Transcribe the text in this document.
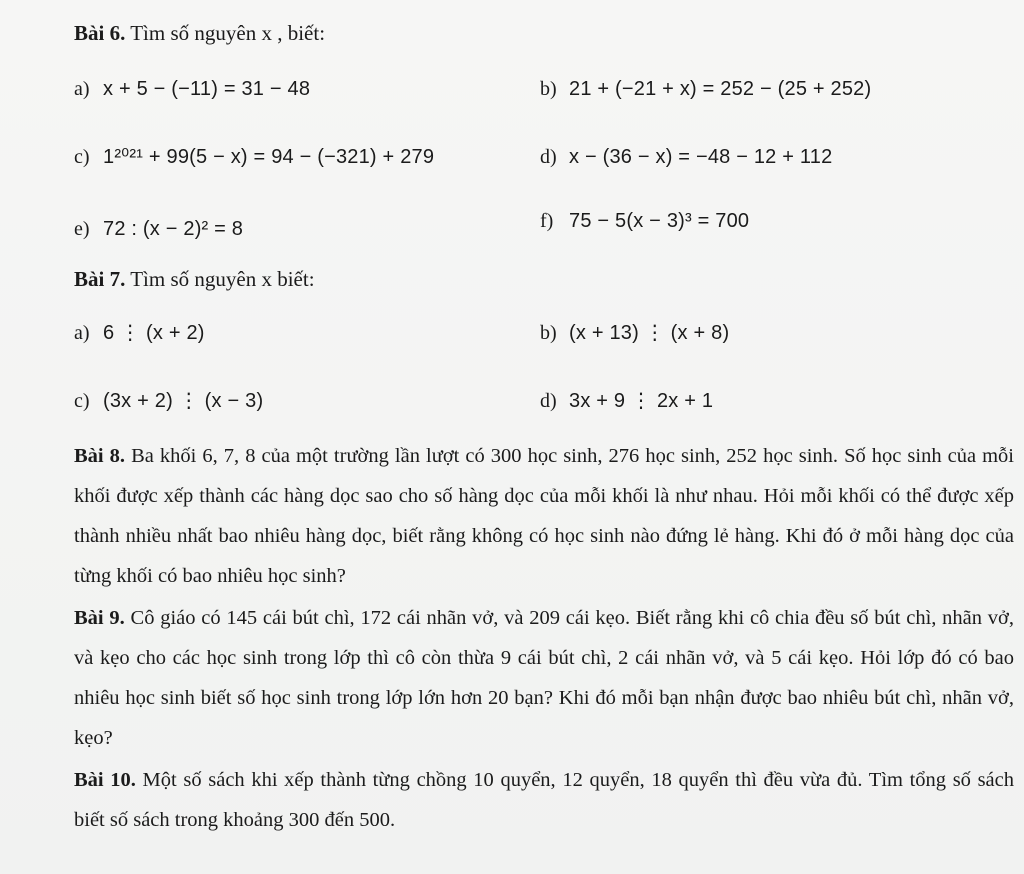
Bài 6. Tìm số nguyên x , biết:
a) x + 5 − (−11) = 31 − 48	b) 21 + (−21 + x) = 252 − (25 + 252)
c) 1²⁰²¹ + 99(5 − x) = 94 − (−321) + 279	d) x − (36 − x) = −48 − 12 + 112
e) 72 : (x − 2)² = 8	f) 75 − 5(x − 3)³ = 700
Bài 7. Tìm số nguyên x biết:
a) 6 ⋮ (x + 2)	b) (x + 13) ⋮ (x + 8)
c) (3x + 2) ⋮ (x − 3)	d) 3x + 9 ⋮ 2x + 1
Bài 8. Ba khối 6, 7, 8 của một trường lần lượt có 300 học sinh, 276 học sinh, 252 học sinh. Số học sinh của mỗi khối được xếp thành các hàng dọc sao cho số hàng dọc của mỗi khối là như nhau. Hỏi mỗi khối có thể được xếp thành nhiều nhất bao nhiêu hàng dọc, biết rằng không có học sinh nào đứng lẻ hàng. Khi đó ở mỗi hàng dọc của từng khối có bao nhiêu học sinh?
Bài 9. Cô giáo có 145 cái bút chì, 172 cái nhãn vở, và 209 cái kẹo. Biết rằng khi cô chia đều số bút chì, nhãn vở, và kẹo cho các học sinh trong lớp thì cô còn thừa 9 cái bút chì, 2 cái nhãn vở, và 5 cái kẹo. Hỏi lớp đó có bao nhiêu học sinh biết số học sinh trong lớp lớn hơn 20 bạn? Khi đó mỗi bạn nhận được bao nhiêu bút chì, nhãn vở, kẹo?
Bài 10. Một số sách khi xếp thành từng chồng 10 quyển, 12 quyển, 18 quyển thì đều vừa đủ. Tìm tổng số sách biết số sách trong khoảng 300 đến 500.
